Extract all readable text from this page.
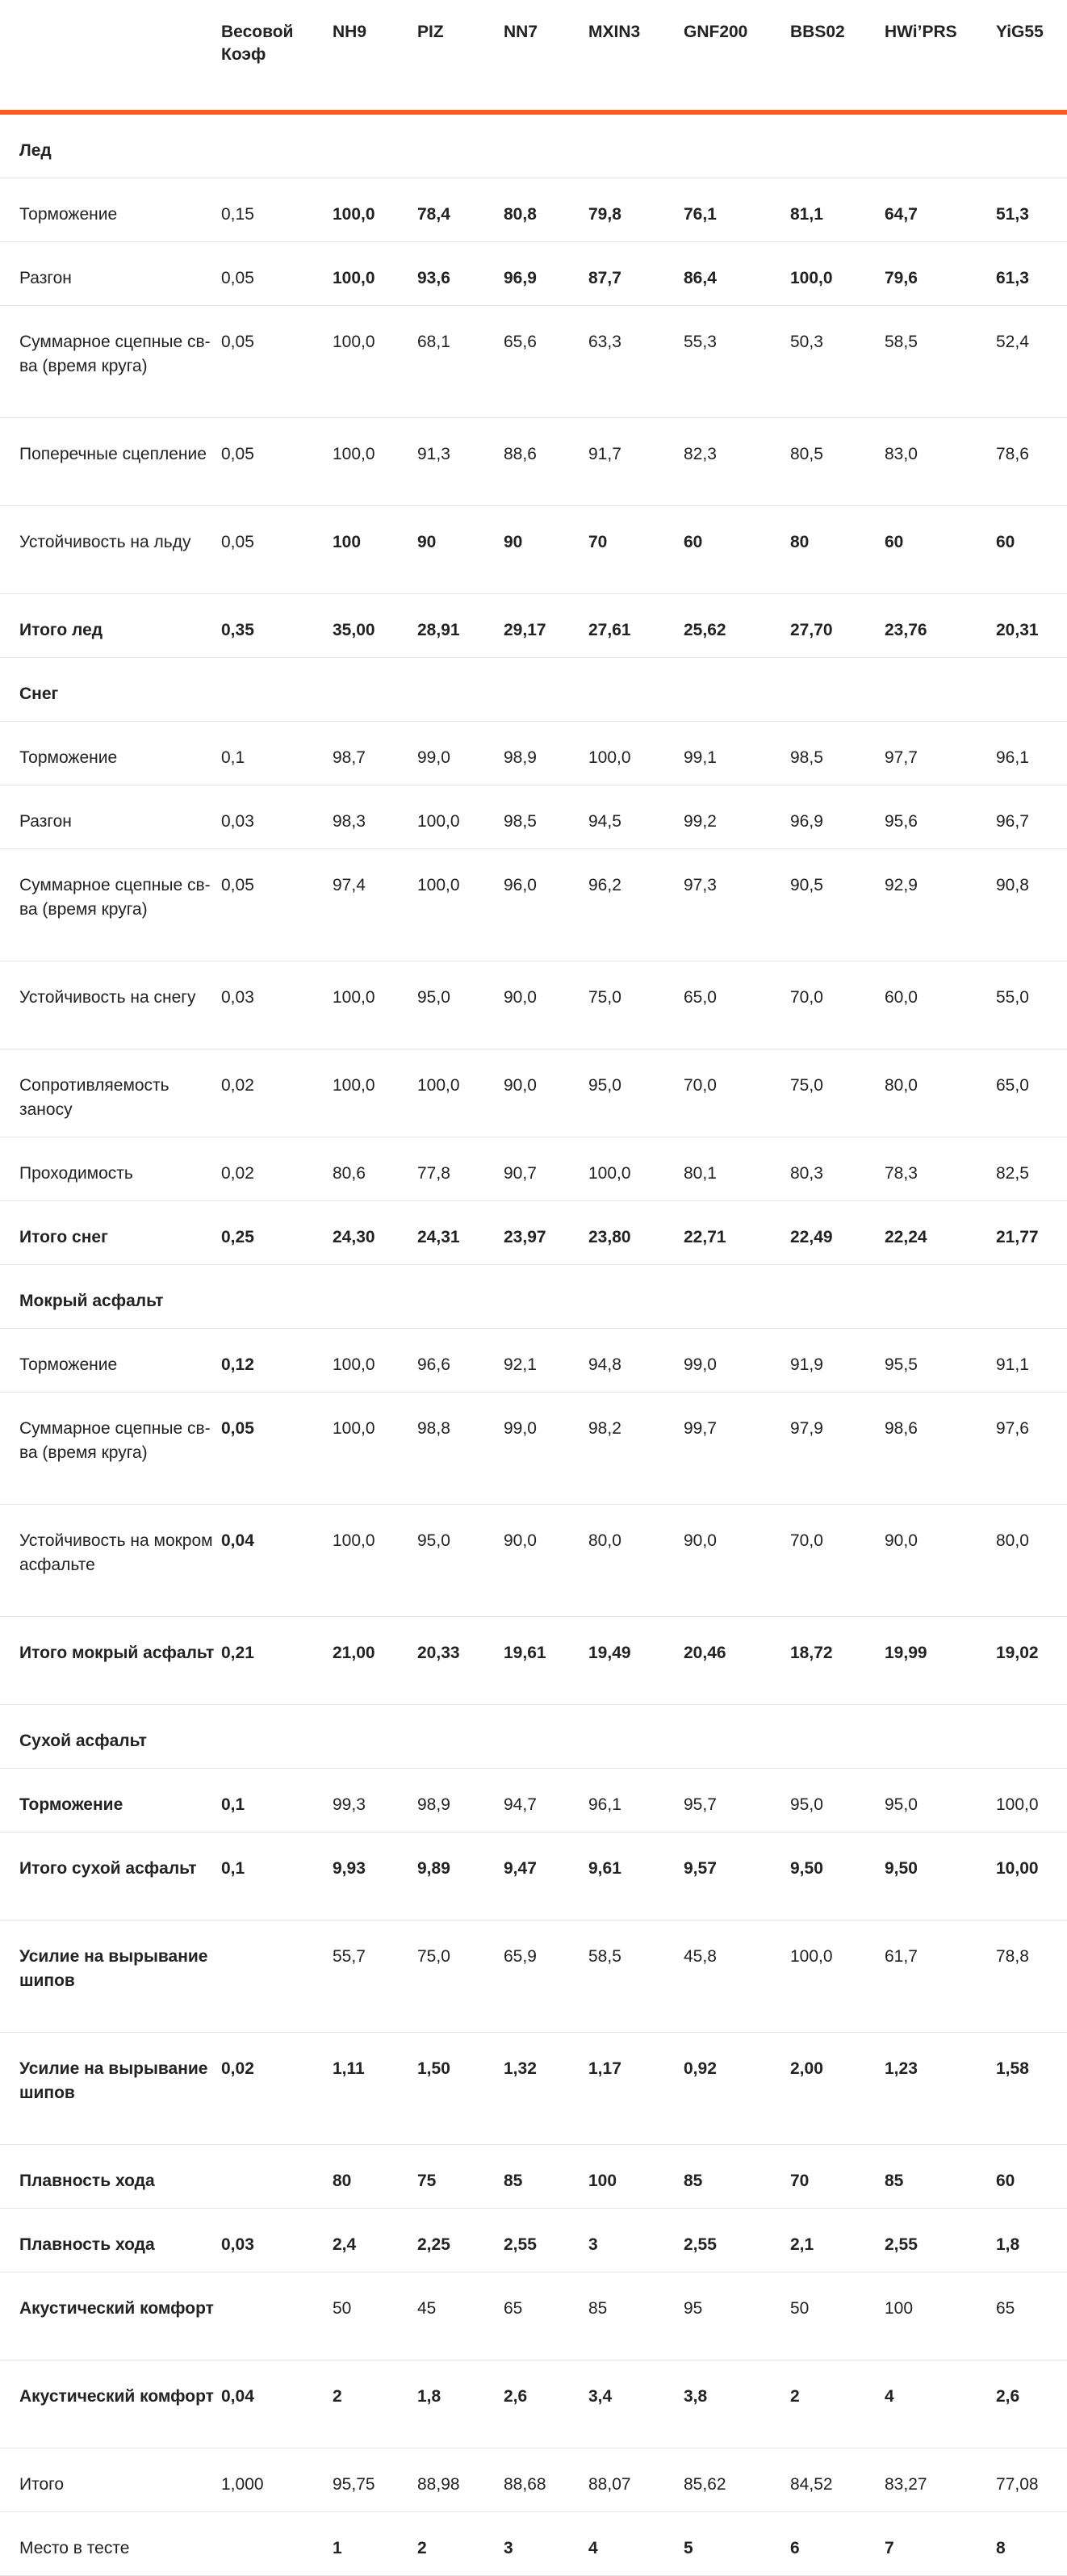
	Весовой Коэф	NH9	PIZ	NN7	MXIN3	GNF200	BBS02	HWi’PRS	YiG55
Лед									
Торможение	0,15	100,0	78,4	80,8	79,8	76,1	81,1	64,7	51,3
Разгон	0,05	100,0	93,6	96,9	87,7	86,4	100,0	79,6	61,3
Суммарное сцепные св-ва (время круга)	0,05	100,0	68,1	65,6	63,3	55,3	50,3	58,5	52,4
Поперечные сцепление	0,05	100,0	91,3	88,6	91,7	82,3	80,5	83,0	78,6
Устойчивость на льду	0,05	100	90	90	70	60	80	60	60
Итого лед	0,35	35,00	28,91	29,17	27,61	25,62	27,70	23,76	20,31
Снег									
Торможение	0,1	98,7	99,0	98,9	100,0	99,1	98,5	97,7	96,1
Разгон	0,03	98,3	100,0	98,5	94,5	99,2	96,9	95,6	96,7
Суммарное сцепные св-ва (время круга)	0,05	97,4	100,0	96,0	96,2	97,3	90,5	92,9	90,8
Устойчивость на снегу	0,03	100,0	95,0	90,0	75,0	65,0	70,0	60,0	55,0
Сопротивляемость заносу	0,02	100,0	100,0	90,0	95,0	70,0	75,0	80,0	65,0
Проходимость	0,02	80,6	77,8	90,7	100,0	80,1	80,3	78,3	82,5
Итого снег	0,25	24,30	24,31	23,97	23,80	22,71	22,49	22,24	21,77
Мокрый асфальт									
Торможение	0,12	100,0	96,6	92,1	94,8	99,0	91,9	95,5	91,1
Суммарное сцепные св-ва (время круга)	0,05	100,0	98,8	99,0	98,2	99,7	97,9	98,6	97,6
Устойчивость на мокром асфальте	0,04	100,0	95,0	90,0	80,0	90,0	70,0	90,0	80,0
Итого мокрый асфальт	0,21	21,00	20,33	19,61	19,49	20,46	18,72	19,99	19,02
Сухой асфальт									
Торможение	0,1	99,3	98,9	94,7	96,1	95,7	95,0	95,0	100,0
Итого сухой асфальт	0,1	9,93	9,89	9,47	9,61	9,57	9,50	9,50	10,00
Усилие на вырывание шипов		55,7	75,0	65,9	58,5	45,8	100,0	61,7	78,8
Усилие на вырывание шипов	0,02	1,11	1,50	1,32	1,17	0,92	2,00	1,23	1,58
Плавность хода		80	75	85	100	85	70	85	60
Плавность хода	0,03	2,4	2,25	2,55	3	2,55	2,1	2,55	1,8
Акустический комфорт		50	45	65	85	95	50	100	65
Акустический комфорт	0,04	2	1,8	2,6	3,4	3,8	2	4	2,6
Итого	1,000	95,75	88,98	88,68	88,07	85,62	84,52	83,27	77,08
Место в тесте		1	2	3	4	5	6	7	8
